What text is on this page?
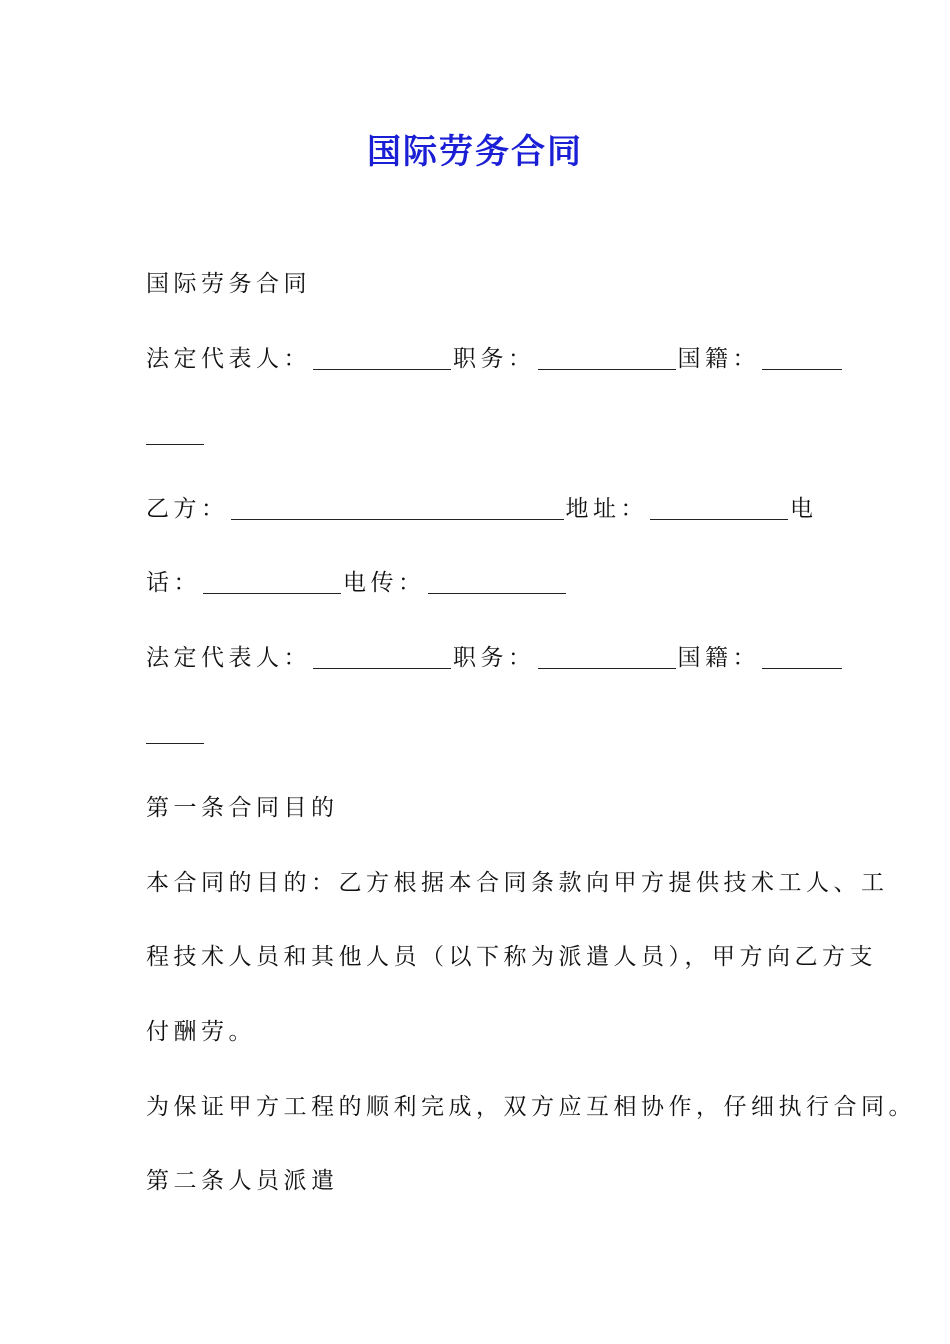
国际劳务合同
国际劳务合同
法定代表人：	职务：	国籍：
乙方：	地址：	电
话：	电传：
法定代表人：	职务：	国籍：
第一条合同目的
本合同的目的：乙方根据本合同条款向甲方提供技术工人、工
程技术人员和其他人员（以下称为派遣人员），甲方向乙方支
付酬劳。
为保证甲方工程的顺利完成，双方应互相协作，仔细执行合同。
第二条人员派遣
